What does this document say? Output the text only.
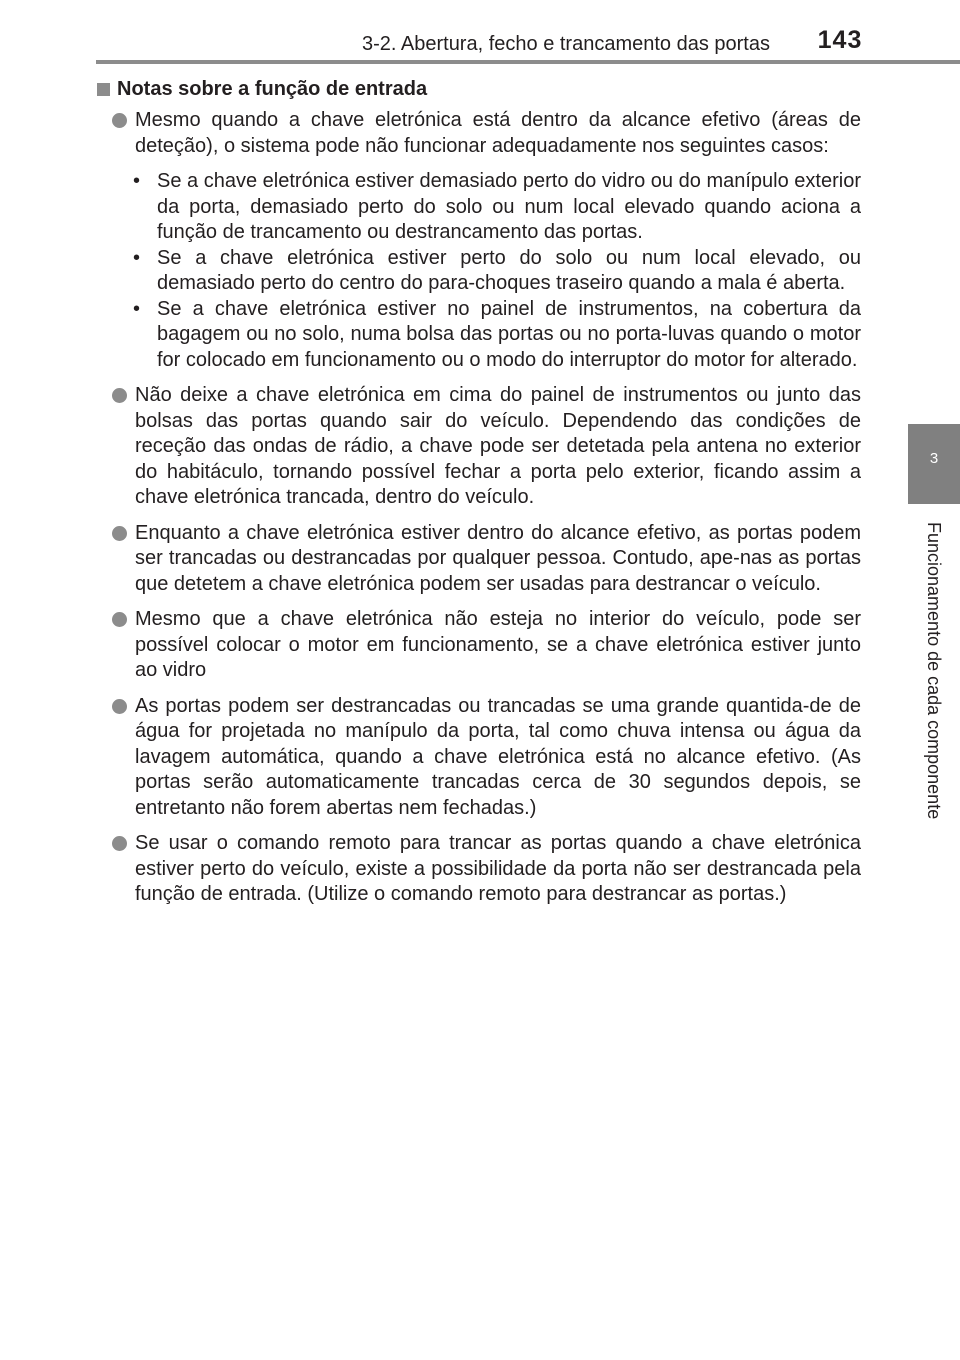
3-2. Abertura, fecho e trancamento das portas	143
3
Funcionamento de cada componente
Notas sobre a função de entrada
Mesmo quando a chave eletrónica está dentro da alcance efetivo (áreas de deteção), o sistema pode não funcionar adequadamente nos seguintes casos:
• Se a chave eletrónica estiver demasiado perto do vidro ou do manípulo exterior da porta, demasiado perto do solo ou num local elevado quando aciona a função de trancamento ou destrancamento das portas.
• Se a chave eletrónica estiver perto do solo ou num local elevado, ou demasiado perto do centro do para-choques traseiro quando a mala é aberta.
• Se a chave eletrónica estiver no painel de instrumentos, na cobertura da bagagem ou no solo, numa bolsa das portas ou no porta-luvas quando o motor for colocado em funcionamento ou o modo do interruptor do motor for alterado.
Não deixe a chave eletrónica em cima do painel de instrumentos ou junto das bolsas das portas quando sair do veículo. Dependendo das condições de receção das ondas de rádio, a chave pode ser detetada pela antena no exterior do habitáculo, tornando possível fechar a porta pelo exterior, ficando assim a chave eletrónica trancada, dentro do veículo.
Enquanto a chave eletrónica estiver dentro do alcance efetivo, as portas podem ser trancadas ou destrancadas por qualquer pessoa. Contudo, ape-nas as portas que detetem a chave eletrónica podem ser usadas para destrancar o veículo.
Mesmo que a chave eletrónica não esteja no interior do veículo, pode ser possível colocar o motor em funcionamento, se a chave eletrónica estiver junto ao vidro
As portas podem ser destrancadas ou trancadas se uma grande quantida-de de água for projetada no manípulo da porta, tal como chuva intensa ou água da lavagem automática, quando a chave eletrónica está no alcance efetivo. (As portas serão automaticamente trancadas cerca de 30 segundos depois, se entretanto não forem abertas nem fechadas.)
Se usar o comando remoto para trancar as portas quando a chave eletrónica estiver perto do veículo, existe a possibilidade da porta não ser destrancada pela função de entrada. (Utilize o comando remoto para destrancar as portas.)
